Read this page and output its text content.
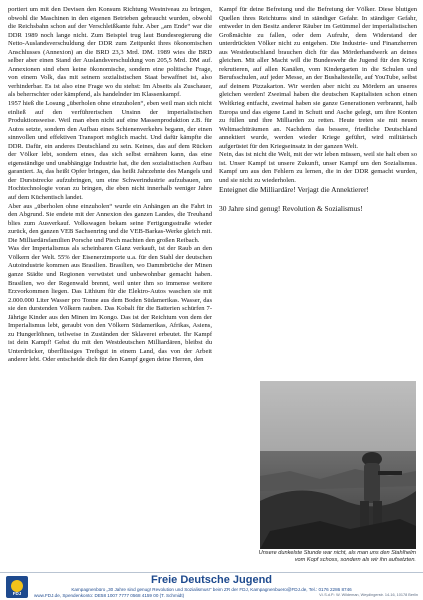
portiert um mit den Devisen den Konsum Richtung Westniveau zu bringen, obwohl die Maschinen in den eigenen Betrieben gebraucht wurden, obwohl die Reichsbahn schon auf der Verschleißkante fuhr. Aber „am Ende“ war die DDR 1989 noch lange nicht. Zum Beispiel trug laut Bundesregierung die Netto-Auslandsverschuldung der DDR zum Zeitpunkt ihres ökonomischen Anschlusses (Annexion) an die BRD 23,3 Mrd. DM. 1989 wies die BRD selber aber einen Stand der Auslandsverschuldung von 205,5 Mrd. DM auf. Annexionen sind eben keine ökonomische, sondern eine politische Frage, von einem Volk, das mit seinem sozialistischen Staat bewaffnet ist, also verhinderbar. Es ist also eine Frage wo du stehst: Im Abseits als Zuschauer, als beherrschter oder kämpfend, als handelnder im Klassenkampf.

1957 hieß die Losung „überholen ohne einzuholen“, eben weil man sich nicht einließ auf den verführerischen Unsinn der imperialistischen Produktionsweise. Weil man eben nicht auf eine Massenproduktion z.B. für Autos setzte, sondern den Aufbau eines Schienenverkehrs begann, der einen sinnvollen und effektiven Transport möglich macht. Und dafür kämpfte die DDR. Dafür, ein anderes Deutschland zu sein. Keines, das auf dem Rücken der Völker lebt, sondern eines, das sich selbst ernähren kann, das eine eigenständige und unabhängige Industrie hat, die den sozialistischen Aufbau garantiert. Ja, das heißt Opfer bringen, das heißt Jahrzehnte des Mangels und der Durststrecke aufzubringen, um eine Schwerindustrie aufzubauen, um Hochtechnologie voran zu bringen, die eben nicht innerhalb weniger Jahre auf dem Küchentisch landet.

Aber aus „überholen ohne einzuholen“ wurde ein Anhängen an die Fahrt in den Abgrund. Sie endete mit der Annexion des ganzen Landes, die Treuhand blies zum Ausverkauf. Volkswagen bekam seine Fertigungsstraße wieder zurück, den ganzen VEB Sachsenring und die VEB-Barkas-Werke gleich mit. Die Milliardärsfamilien Porsche und Piech machten den großen Reibach.

Was der Imperialismus als scheinbaren Glanz verkauft, ist der Raub an den Völkern der Welt. 55% der Eisenerzimporte u.a. für den Stahl der deutschen Autoindustrie kommen aus Brasilien. Brasilien, wo Dammbrüche der Minen ganze Städte und Regionen verwüstet und unbewohnbar gemacht haben. Brasilien, wo der Regenwald brennt, weil unter ihm so immense weitere Erzvorkommen liegen. Das Lithium für die Elektro-Autos waschen sie mit 2.000.000 Liter Wasser pro Tonne aus dem Boden Südamerikas. Wasser, das sie den durstenden Völkern rauben. Das Kobalt für die Batterien schürfen 7-Jährige Kinder aus den Minen im Kongo. Das ist der Reichtum von dem der Imperialismus lebt, geraubt von den Völkern Südamerikas, Afrikas, Asiens, zu Hungerlöhnen, teilweise in Zuständen der Sklaverei erbeutet. Ihr Kampf ist dein Kampf! Gehst du mit den Westdeutschen Milliardären, bleibst du Unterdrücker, überflüssiges Treibgut in einem Land, das von der Arbeit anderer lebt. Oder entscheide dich für den Kampf gegen deine Herren, den

Kampf für deine Befreiung und die Befreiung der Völker. Diese blutigen Quellen ihres Reichtums sind in ständiger Gefahr. In ständiger Gefahr, entweder in den Besitz anderer Räuber im Getümmel der imperialistischen Großmächte zu fallen, oder dem Aufruhr, dem Widerstand der unterdrückten Völker nicht zu entgehen. Die Industrie- und Finanzherren aus Westdeutschland brauchen dich für das Mörderhandwerk an deines gleichen. Mit aller Macht will die Bundeswehr die Jugend für den Krieg rekrutieren, auf allen Kanälen, vom Kindergarten in die Schulen und Berufsschulen, auf jeder Messe, an der Bushaltestelle, auf YouTube, selbst auf deinem Pizzakarton. Wir werden aber nicht zu Mördern an unseres gleichen werden! Zweimal haben die deutschen Kapitalisten schon einen Weltkrieg entfacht, zweimal haben sie ganze Generationen verbrannt, halb Europa und das eigene Land in Schutt und Asche gelegt, um ihre Konten zu füllen und ihre Milliarden zu retten. Heute treten sie mit neuen Weltmachtträumen an. Nachdem das bessere, friedliche Deutschland annektiert wurde, werden wieder Kriege geführt, wird militärisch aufgerüstet für den Kriegseinsatz in der ganzen Welt.

Nein, das ist nicht die Welt, mit der wir leben müssen, weil sie halt eben so ist. Unser Kampf ist unsere Zukunft, unser Kampf um den Sozialismus. Kampf um aus den Fehlern zu lernen, die in der DDR gemacht wurden, und sie nicht zu wiederholen.

Enteignet die Milliardäre! Verjagt die Annektierer!

30 Jahre sind genug! Revolution & Sozialismus!

Unsere dunkelste Stunde war nicht, als man uns den Stahlhelm vom Kopf schoss, sondern als wir ihn aufsetzten.
FDJ
Freie Deutsche Jugend
Kampagnenbüro „30 Jahre sind genug! Revolution und Sozialismus!“ beim ZR der FDJ, Kampagnenbuero@FDJ.de, Tel.: 0176 2286 8746
www.FDJ.de, Spendenkonto: DE58 1007 7777 0568 4159 00 (T. Schmidt)	V.i.S.d.P.: W. Wildeman, Weydingerstr. 14-16, 10178 Berlin
